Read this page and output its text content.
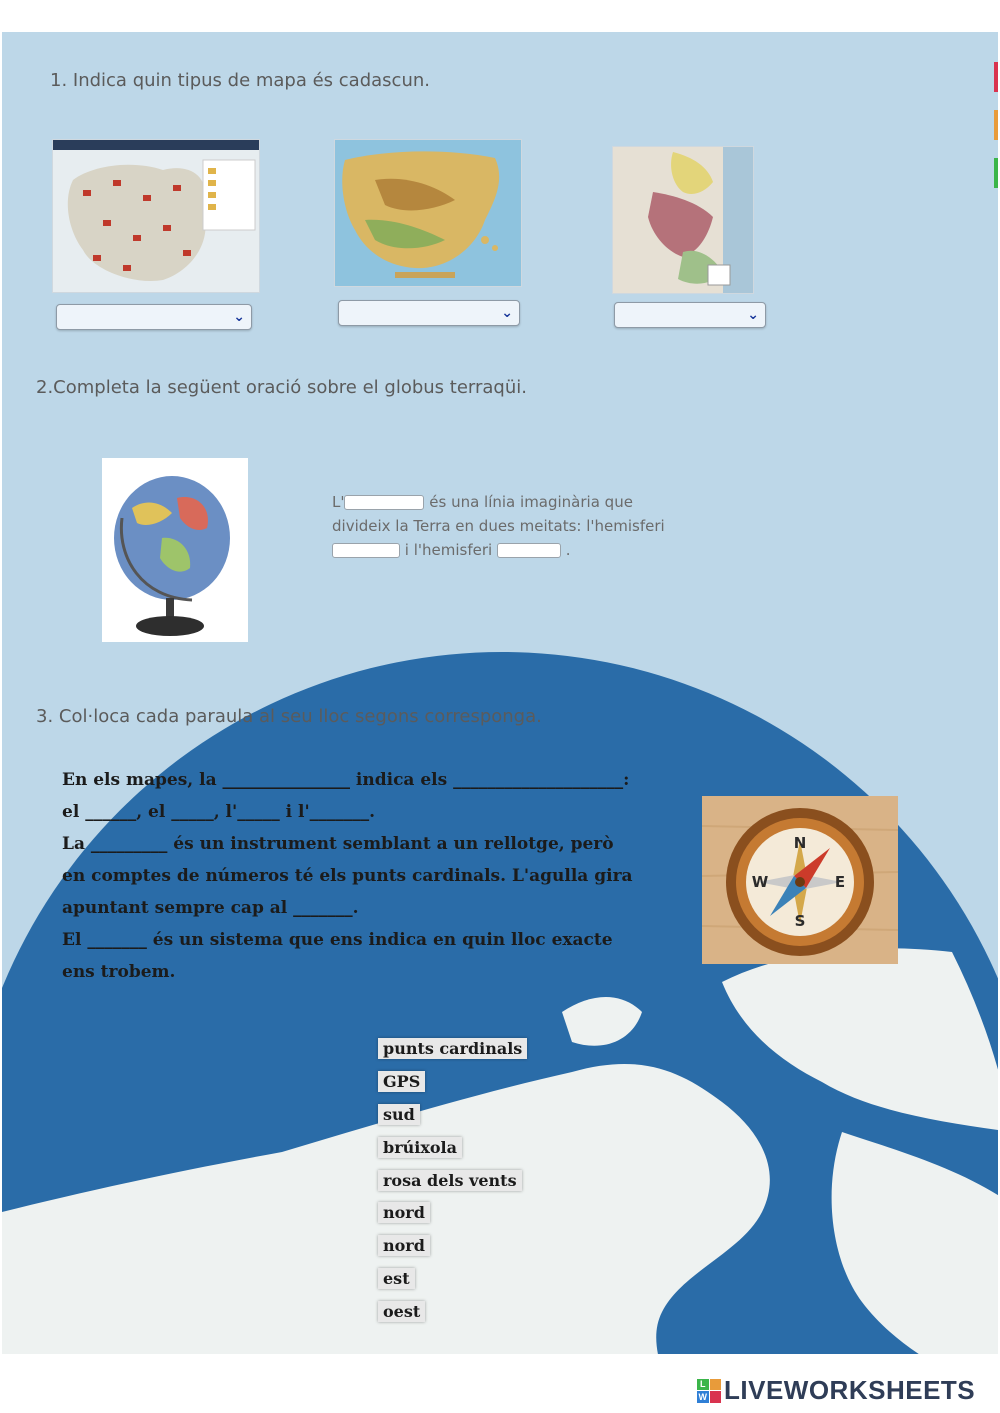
1. Indica quin tipus de mapa és cadascun.
⌄	⌄	⌄
2.Completa la següent oració sobre el globus terraqüi.
L'	és una línia imaginària que divideix la Terra en dues meitats: l'hemisferi  i l'hemisferi	.
3. Col·loca cada paraula al seu lloc segons corresponga.
En els mapes, la _______________ indica els ____________________:
el ______, el _____, l'_____ i l'_______.
La _________ és un instrument semblant a un rellotge, però
en comptes de números té els punts cardinals. L'agulla gira
apuntant sempre cap al _______.
El _______ és un sistema que ens indica en quin lloc exacte
ens trobem.
N
S
E
W
punts cardinals
GPS
sud
brúixola
rosa dels vents
nord
nord
est
oest
L
W LIVEWORKSHEETS
